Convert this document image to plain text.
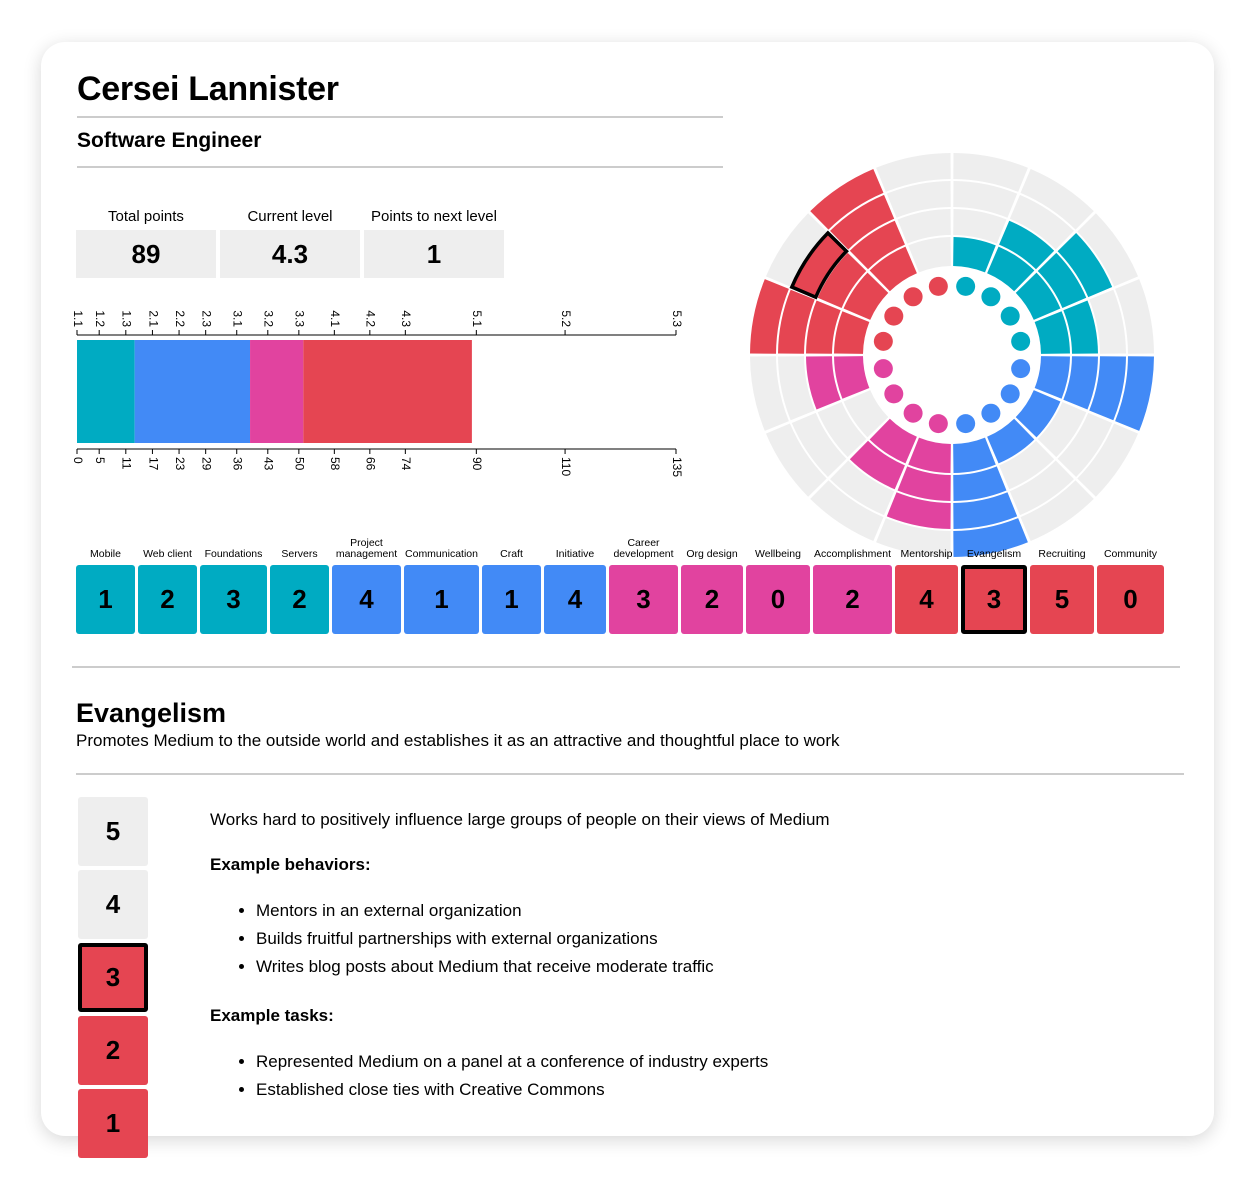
Cersei Lannister
Software Engineer
Total points
89
Current level
4.3
Points to next level
1
1.1
0
1.2
5
1.3
11
2.1
17
2.2
23
2.3
29
3.1
36
3.2
43
3.3
50
4.1
58
4.2
66
4.3
74
5.1
90
5.2
110
5.3
135
Mobile
1
Web client
2
Foundations
3
Servers
2
Project management
4
Communication
1
Craft
1
Initiative
4
Career development
3
Org design
2
Wellbeing
0
Accomplishment
2
Mentorship
4
Evangelism
3
Recruiting
5
Community
0
Evangelism
Promotes Medium to the outside world and establishes it as an attractive and thoughtful place to work
5
4
3
2
1

Works hard to positively influence large groups of people on their views of Medium

Example behaviors:

• Mentors in an external organization
• Builds fruitful partnerships with external organizations
• Writes blog posts about Medium that receive moderate traffic

Example tasks:

• Represented Medium on a panel at a conference of industry experts
• Established close ties with Creative Commons
